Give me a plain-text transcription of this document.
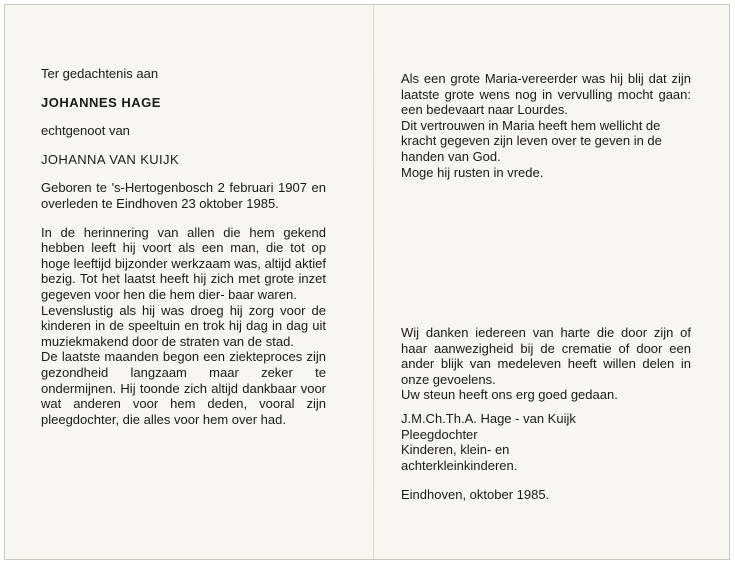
Ter gedachtenis aan

JOHANNES HAGE

echtgenoot van

JOHANNA VAN KUIJK

Geboren te 's-Hertogenbosch 2 februari 1907 en overleden te Eindhoven 23 oktober 1985.

In de herinnering van allen die hem gekend hebben leeft hij voort als een man, die tot op hoge leeftijd bijzonder werkzaam was, altijd aktief bezig. Tot het laatst heeft hij zich met grote inzet gegeven voor hen die hem dier- baar waren.

Levenslustig als hij was droeg hij zorg voor de kinderen in de speeltuin en trok hij dag in dag uit muziekmakend door de straten van de stad.

De laatste maanden begon een ziekteproces zijn gezondheid langzaam maar zeker te ondermijnen. Hij toonde zich altijd dankbaar voor wat anderen voor hem deden, vooral zijn pleegdochter, die alles voor hem over had.

Als een grote Maria-vereerder was hij blij dat zijn laatste grote wens nog in vervulling mocht gaan: een bedevaart naar Lourdes.

Dit vertrouwen in Maria heeft hem wellicht de kracht gegeven zijn leven over te geven in de handen van God.

Moge hij rusten in vrede.

Wij danken iedereen van harte die door zijn of haar aanwezigheid bij de crematie of door een ander blijk van medeleven heeft willen delen in onze gevoelens.

Uw steun heeft ons erg goed gedaan.

J.M.Ch.Th.A. Hage - van Kuijk

Pleegdochter

Kinderen, klein- en

achterkleinkinderen.

Eindhoven, oktober 1985.
